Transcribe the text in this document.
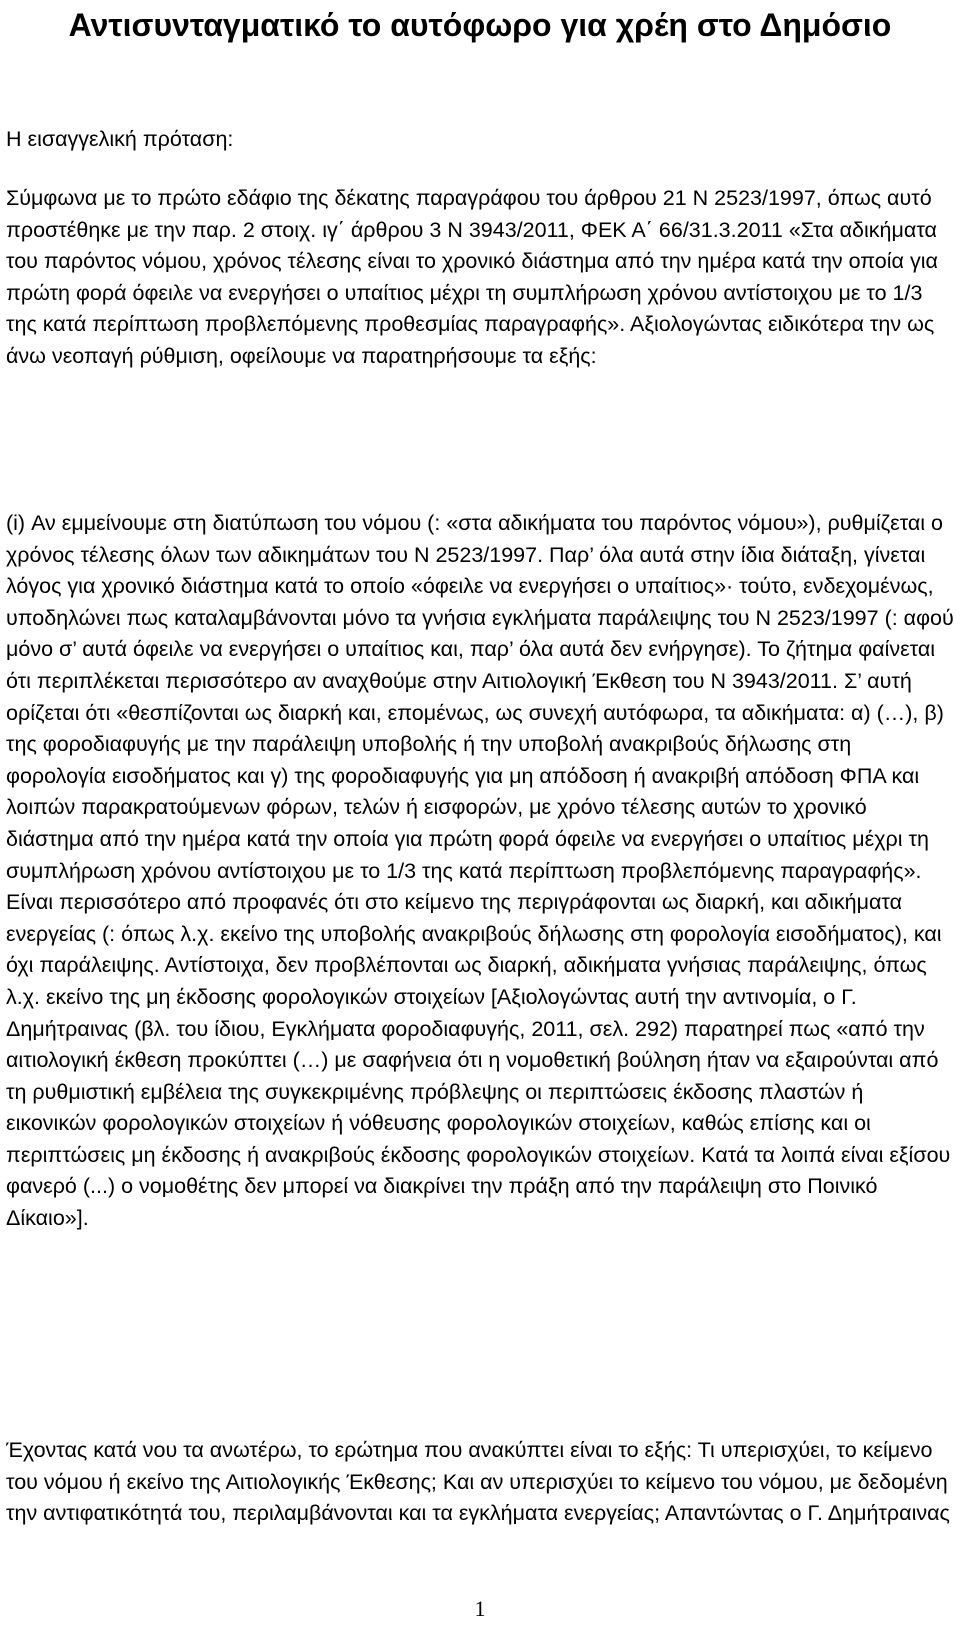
Αντισυνταγματικό το αυτόφωρο για χρέη στο Δημόσιο

Η εισαγγελική πρόταση:

Σύμφωνα με το πρώτο εδάφιο της δέκατης παραγράφου του άρθρου 21 Ν 2523/1997, όπως αυτό προστέθηκε με την παρ. 2 στοιχ. ιγ΄ άρθρου 3 Ν 3943/2011, ΦΕΚ Α΄ 66/31.3.2011 «Στα αδικήματα του παρόντος νόμου, χρόνος τέλεσης είναι το χρονικό διάστημα από την ημέρα κατά την οποία για πρώτη φορά όφειλε να ενεργήσει ο υπαίτιος μέχρι τη συμπλήρωση χρόνου αντίστοιχου με το 1/3 της κατά περίπτωση προβλεπόμενης προθεσμίας παραγραφής». Αξιολογώντας ειδικότερα την ως άνω νεοπαγή ρύθμιση, οφείλουμε να παρατηρήσουμε τα εξής:

(i) Αν εμμείνουμε στη διατύπωση του νόμου (: «στα αδικήματα του παρόντος νόμου»), ρυθμίζεται ο χρόνος τέλεσης όλων των αδικημάτων του Ν 2523/1997. Παρ’ όλα αυτά στην ίδια διάταξη, γίνεται λόγος για χρονικό διάστημα κατά το οποίο «όφειλε να ενεργήσει ο υπαίτιος»· τούτο, ενδεχομένως, υποδηλώνει πως καταλαμβάνονται μόνο τα γνήσια εγκλήματα παράλειψης του Ν 2523/1997 (: αφού μόνο σ’ αυτά όφειλε να ενεργήσει ο υπαίτιος και, παρ’ όλα αυτά δεν ενήργησε). Το ζήτημα φαίνεται ότι περιπλέκεται περισσότερο αν αναχθούμε στην Αιτιολογική Έκθεση του Ν 3943/2011. Σ’ αυτή ορίζεται ότι «θεσπίζονται ως διαρκή και, επομένως, ως συνεχή αυτόφωρα, τα αδικήματα: α) (…), β) της φοροδιαφυγής με την παράλειψη υποβολής ή την υποβολή ανακριβούς δήλωσης στη φορολογία εισοδήματος και γ) της φοροδιαφυγής για μη απόδοση ή ανακριβή απόδοση ΦΠΑ και λοιπών παρακρατούμενων φόρων, τελών ή εισφορών, με χρόνο τέλεσης αυτών το χρονικό διάστημα από την ημέρα κατά την οποία για πρώτη φορά όφειλε να ενεργήσει ο υπαίτιος μέχρι τη συμπλήρωση χρόνου αντίστοιχου με το 1/3 της κατά περίπτωση προβλεπόμενης παραγραφής». Είναι περισσότερο από προφανές ότι στο κείμενο της περιγράφονται ως διαρκή, και αδικήματα ενεργείας (: όπως λ.χ. εκείνο της υποβολής ανακριβούς δήλωσης στη φορολογία εισοδήματος), και όχι παράλειψης. Αντίστοιχα, δεν προβλέπονται ως διαρκή, αδικήματα γνήσιας παράλειψης, όπως λ.χ. εκείνο της μη έκδοσης φορολογικών στοιχείων [Αξιολογώντας αυτή την αντινομία, ο Γ. Δημήτραινας (βλ. του ίδιου, Εγκλήματα φοροδιαφυγής, 2011, σελ. 292) παρατηρεί πως «από την αιτιολογική έκθεση προκύπτει (…) με σαφήνεια ότι η νομοθετική βούληση ήταν να εξαιρούνται από τη ρυθμιστική εμβέλεια της συγκεκριμένης πρόβλεψης οι περιπτώσεις έκδοσης πλαστών ή εικονικών φορολογικών στοιχείων ή νόθευσης φορολογικών στοιχείων, καθώς επίσης και οι περιπτώσεις μη έκδοσης ή ανακριβούς έκδοσης φορολογικών στοιχείων. Κατά τα λοιπά είναι εξίσου φανερό (...) ο νομοθέτης δεν μπορεί να διακρίνει την πράξη από την παράλειψη στο Ποινικό Δίκαιο»].

Έχοντας κατά νου τα ανωτέρω, το ερώτημα που ανακύπτει είναι το εξής: Τι υπερισχύει, το κείμενο του νόμου ή εκείνο της Αιτιολογικής Έκθεσης; Και αν υπερισχύει το κείμενο του νόμου, με δεδομένη την αντιφατικότητά του, περιλαμβάνονται και τα εγκλήματα ενεργείας; Απαντώντας ο Γ. Δημήτραινας

1
